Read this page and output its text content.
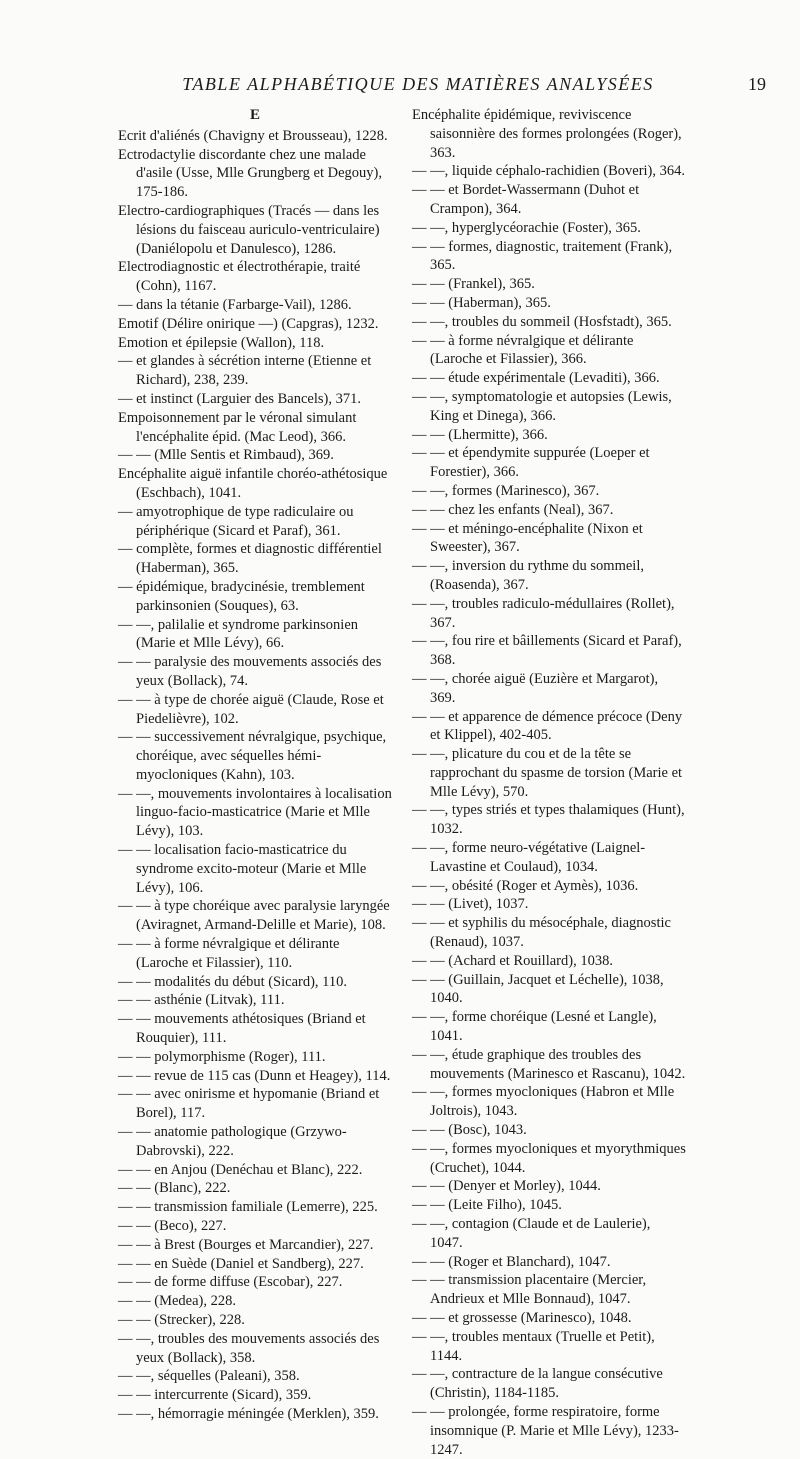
TABLE ALPHABÉTIQUE DES MATIÈRES ANALYSÉES	19
E
Ecrit d'aliénés (Chavigny et Brousseau), 1228.
Ectrodactylie discordante chez une malade d'asile (Usse, Mlle Grungberg et Degouy), 175-186.
Electro-cardiographiques (Tracés — dans les lésions du faisceau auriculo-ventriculaire) (Daniélopolu et Danulesco), 1286.
Electrodiagnostic et électrothérapie, traité (Cohn), 1167.
— dans la tétanie (Farbarge-Vail), 1286.
Emotif (Délire onirique —) (Capgras), 1232.
Emotion et épilepsie (Wallon), 118.
— et glandes à sécrétion interne (Etienne et Richard), 238, 239.
— et instinct (Larguier des Bancels), 371.
Empoisonnement par le véronal simulant l'encéphalite épid. (Mac Leod), 366.
— — (Mlle Sentis et Rimbaud), 369.
Encéphalite aiguë infantile choréo-athétosique (Eschbach), 1041.
— amyotrophique de type radiculaire ou périphérique (Sicard et Paraf), 361.
— complète, formes et diagnostic différentiel (Haberman), 365.
— épidémique, bradycinésie, tremblement parkinsonien (Souques), 63.
— —, palilalie et syndrome parkinsonien (Marie et Mlle Lévy), 66.
— — paralysie des mouvements associés des yeux (Bollack), 74.
— — à type de chorée aiguë (Claude, Rose et Piedelièvre), 102.
— — successivement névralgique, psychique, choréique, avec séquelles hémi-myocloniques (Kahn), 103.
— —, mouvements involontaires à localisation linguo-facio-masticatrice (Marie et Mlle Lévy), 103.
— — localisation facio-masticatrice du syndrome excito-moteur (Marie et Mlle Lévy), 106.
— — à type choréique avec paralysie laryngée (Aviragnet, Armand-Delille et Marie), 108.
— — à forme névralgique et délirante (Laroche et Filassier), 110.
— — modalités du début (Sicard), 110.
— — asthénie (Litvak), 111.
— — mouvements athétosiques (Briand et Rouquier), 111.
— — polymorphisme (Roger), 111.
— — revue de 115 cas (Dunn et Heagey), 114.
— — avec onirisme et hypomanie (Briand et Borel), 117.
— — anatomie pathologique (Grzywo-Dabrovski), 222.
— — en Anjou (Denéchau et Blanc), 222.
— — (Blanc), 222.
— — transmission familiale (Lemerre), 225.
— — (Beco), 227.
— — à Brest (Bourges et Marcandier), 227.
— — en Suède (Daniel et Sandberg), 227.
— — de forme diffuse (Escobar), 227.
— — (Medea), 228.
— — (Strecker), 228.
— —, troubles des mouvements associés des yeux (Bollack), 358.
— —, séquelles (Paleani), 358.
— — intercurrente (Sicard), 359.
— —, hémorragie méningée (Merklen), 359.
Encéphalite épidémique, reviviscence saisonnière des formes prolongées (Roger), 363.
— —, liquide céphalo-rachidien (Boveri), 364.
— — et Bordet-Wassermann (Duhot et Crampon), 364.
— —, hyperglycéorachie (Foster), 365.
— — formes, diagnostic, traitement (Frank), 365.
— — (Frankel), 365.
— — (Haberman), 365.
— —, troubles du sommeil (Hosfstadt), 365.
— — à forme névralgique et délirante (Laroche et Filassier), 366.
— — étude expérimentale (Levaditi), 366.
— —, symptomatologie et autopsies (Lewis, King et Dinega), 366.
— — (Lhermitte), 366.
— — et épendymite suppurée (Loeper et Forestier), 366.
— —, formes (Marinesco), 367.
— — chez les enfants (Neal), 367.
— — et méningo-encéphalite (Nixon et Sweester), 367.
— —, inversion du rythme du sommeil, (Roasenda), 367.
— —, troubles radiculo-médullaires (Rollet), 367.
— —, fou rire et bâillements (Sicard et Paraf), 368.
— —, chorée aiguë (Euzière et Margarot), 369.
— — et apparence de démence précoce (Deny et Klippel), 402-405.
— —, plicature du cou et de la tête se rapprochant du spasme de torsion (Marie et Mlle Lévy), 570.
— —, types striés et types thalamiques (Hunt), 1032.
— —, forme neuro-végétative (Laignel-Lavastine et Coulaud), 1034.
— —, obésité (Roger et Aymès), 1036.
— — (Livet), 1037.
— — et syphilis du mésocéphale, diagnostic (Renaud), 1037.
— — (Achard et Rouillard), 1038.
— — (Guillain, Jacquet et Léchelle), 1038, 1040.
— —, forme choréique (Lesné et Langle), 1041.
— —, étude graphique des troubles des mouvements (Marinesco et Rascanu), 1042.
— —, formes myocloniques (Habron et Mlle Joltrois), 1043.
— — (Bosc), 1043.
— —, formes myocloniques et myorythmiques (Cruchet), 1044.
— — (Denyer et Morley), 1044.
— — (Leite Filho), 1045.
— —, contagion (Claude et de Laulerie), 1047.
— — (Roger et Blanchard), 1047.
— — transmission placentaire (Mercier, Andrieux et Mlle Bonnaud), 1047.
— — et grossesse (Marinesco), 1048.
— —, troubles mentaux (Truelle et Petit), 1144.
— —, contracture de la langue consécutive (Christin), 1184-1185.
— — prolongée, forme respiratoire, forme insomnique (P. Marie et Mlle Lévy), 1233-1247.
